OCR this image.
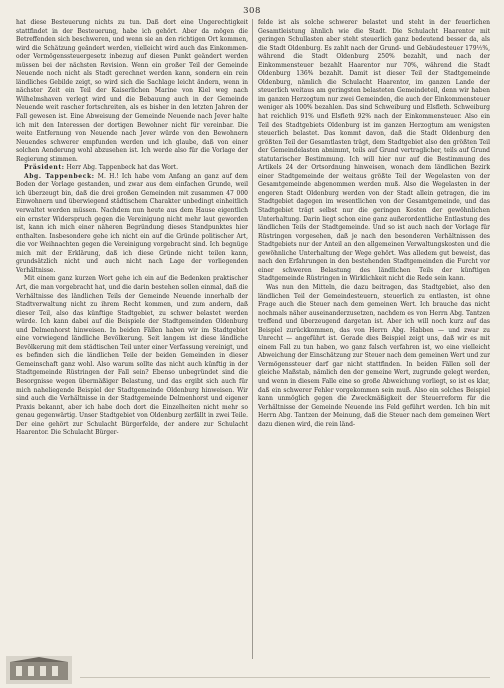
308

hat diese Besteuerung nichts zu tun. Daß dort eine Ungerechtigkeit stattfindet in der Besteuerung, habe ich gehört. Aber da mögen die Betreffenden sich beschweren, und wenn sie an den richtigen Ort kommen, wird die Schätzung geändert werden, vielleicht wird auch das Einkommen- oder Vermögenssteuergesetz inbezug auf diesen Punkt geändert werden müssen bei der nächsten Revision. Wenn ein großer Teil der Gemeinde Neuende noch nicht als Stadt gerechnet werden kann, sondern ein rein ländliches Gebilde zeigt, so wird sich die Sachlage leicht ändern, wenn in nächster Zeit ein Teil der Kaiserlichen Marine von Kiel weg nach Wilhelmshaven verlegt wird und die Bebauung auch in der Gemeinde Neuende weit rascher fortschreiten, als es bisher in den letzten Jahren der Fall gewesen ist. Eine Abweisung der Gemeinde Neuende nach Jever halte ich mit den Interessen der dortigen Bewohner nicht für vereinbar. Die weite Entfernung von Neuende nach Jever würde von den Bewohnern Neuendes schwerer empfunden werden und ich glaube, daß von einer solchen Aenderung wohl abzusehen ist. Ich werde also für die Vorlage der Regierung stimmen.

Präsident: Herr Abg. Tappenbeck hat das Wort.

Abg. Tappenbeck: M. H.! Ich habe vom Anfang an ganz auf dem Boden der Vorlage gestanden, und zwar aus dem einfachen Grunde, weil ich überzeugt bin, daß die drei großen Gemeinden mit zusammen 47 000 Einwohnern und überwiegend städtischem Charakter unbedingt einheitlich verwaltet werden müssen. Nachdem nun heute aus dem Hause eigentlich ein ernster Widerspruch gegen die Vereinigung nicht mehr laut geworden ist, kann ich mich einer näheren Begründung dieses Standpunktes hier enthalten. Insbesondere gehe ich nicht ein auf die Gründe politischer Art, die vor Weihnachten gegen die Vereinigung vorgebracht sind. Ich begnüge mich mit der Erklärung, daß ich diese Gründe nicht teilen kann, grundsätzlich nicht und auch nicht nach Lage der vorliegenden Verhältnisse.

Mit einem ganz kurzen Wort gehe ich ein auf die Bedenken praktischer Art, die man vorgebracht hat, und die darin bestehen sollen einmal, daß die Verhältnisse des ländlichen Teils der Gemeinde Neuende innerhalb der Stadtverwaltung nicht zu ihrem Recht kommen, und zum andern, daß dieser Teil, also das künftige Stadtgebiet, zu schwer belastet werden würde. Ich kann dabei auf die Beispiele der Stadtgemeinden Oldenburg und Delmenhorst hinweisen. In beiden Fällen haben wir im Stadtgebiet eine vorwiegend ländliche Bevölkerung. Seit langem ist diese ländliche Bevölkerung mit dem städtischen Teil unter einer Verfassung vereinigt, und es befinden sich die ländlichen Teile der beiden Gemeinden in dieser Gemeinschaft ganz wohl. Also warum sollte das nicht auch künftig in der Stadtgemeinde Rüstringen der Fall sein? Ebenso unbegründet sind die Besorgnisse wegen übermäßiger Belastung, und das ergibt sich auch für mich naheliegende Beispiel der Stadtgemeinde Oldenburg hinweisen. Wir sind auch die Verhältnisse in der Stadtgemeinde Delmenhorst und eigener Praxis bekannt, aber ich habe doch dort die Einzelheiten nicht mehr so genau gegenwärtig. Unser Stadtgebiet von Oldenburg zerfällt in zwei Teile. Der eine gehört zur Schulacht Bürgerfelde, der andere zur Schulacht Haarentor. Die Schulacht Bürger-

felde ist als solche schwerer belastet und steht in der feuerlichen Gesamtleistung ähnlich wie die Stadt. Die Schulacht Haarentor mit geringen Schullasten aber steht steuerlich ganz bedeutend besser da, als die Stadt Oldenburg. Es zahlt nach der Grund- und Gebäudesteuer 179½%, während die Stadt Oldenburg 250% bezahlt, und nach der Einkommensteuer bezahlt Haarentor nur 70%, während die Stadt Oldenburg 136% bezahlt. Damit ist dieser Teil der Stadtgemeinde Oldenburg, nämlich die Schulacht Haarentor, im ganzen Lande der steuerlich weitaus am geringsten belasteten Gemeindeteil, denn wir haben im ganzen Herzogtum nur zwei Gemeinden, die auch der Einkommensteuer weniger als 100% bezahlen. Das sind Schweiburg und Elsfleth. Schweiburg hat reichlich 91% und Elsfleth 92% nach der Einkommensteuer. Also ein Teil des Stadtgebiets Oldenburg ist im ganzen Herzogtum am wenigsten steuerlich belastet. Das kommt davon, daß die Stadt Oldenburg den größten Teil der Gesamtlasten trägt, dem Stadtgebiet also den größten Teil der Gemeindelasten abnimmt, teils auf Grund vertraglicher, teils auf Grund statutarischer Bestimmung. Ich will hier nur auf die Bestimmung des Artikels 24 der Ortsordnung hinweisen, wonach dem ländlichen Bezirk einer Stadtgemeinde der weitaus größte Teil der Wegelasten von der Gesamtgemeinde abgenommen werden muß. Also die Wegelasten in der engeren Stadt Oldenburg werden von der Stadt allein getragen, die im Stadtgebiet dagegen im wesentlichen von der Gesamtgemeinde, und das Stadtgebiet trägt selbst nur die geringen Kosten der gewöhnlichen Unterhaltung. Darin liegt schon eine ganz außerordentliche Entlastung des ländlichen Teils der Stadtgemeinde. Und so ist auch nach der Vorlage für Rüstringen vorgesehen, daß je nach den besonderen Verhältnissen des Stadtgebiets nur der Anteil an den allgemeinen Verwaltungskosten und die gewöhnliche Unterhaltung der Wege gehört. Was alledem gut beweist, das nach den Erfahrungen in den bestehenden Stadtgemeinden die Furcht vor einer schweren Belastung des ländlichen Teils der künftigen Stadtgemeinde Rüstringen in Wirklichkeit nicht die Rede sein kann.

Was nun den Mitteln, die dazu beitragen, das Stadtgebiet, also den ländlichen Teil der Gemeindesteuern, steuerlich zu entlasten, ist ohne Frage auch die Steuer nach dem gemeinen Wert. Ich brauche das nicht nochmals näher auseinanderzusetzen, nachdem es von Herrn Abg. Tantzen treffend und überzeugend dargetan ist. Aber ich will noch kurz auf das Beispiel zurückkommen, das von Herrn Abg. Habben — und zwar zu Unrecht — angeführt ist. Gerade dies Beispiel zeigt uns, daß wir es mit einem Fall zu tun haben, wo ganz falsch verfahren ist, wo eine vielleicht Abweichung der Einschätzung zur Steuer nach dem gemeinen Wert und zur Vermögenssteuer darf gar nicht stattfinden. In beiden Fällen soll der gleiche Maßstab, nämlich den der gemeine Wert, zugrunde gelegt werden, und wenn in diesem Falle eine so große Abweichung vorliegt, so ist es klar, daß ein schwerer Fehler vorgekommen sein muß. Also ein solches Beispiel kann unmöglich gegen die Zweckmäßigkeit der Steuerreform für die Verhältnisse der Gemeinde Neuende ins Feld geführt werden. Ich bin mit Herrn Abg. Tantzen der Meinung, daß die Steuer nach dem gemeinen Wert dazu dienen wird, die rein länd-
